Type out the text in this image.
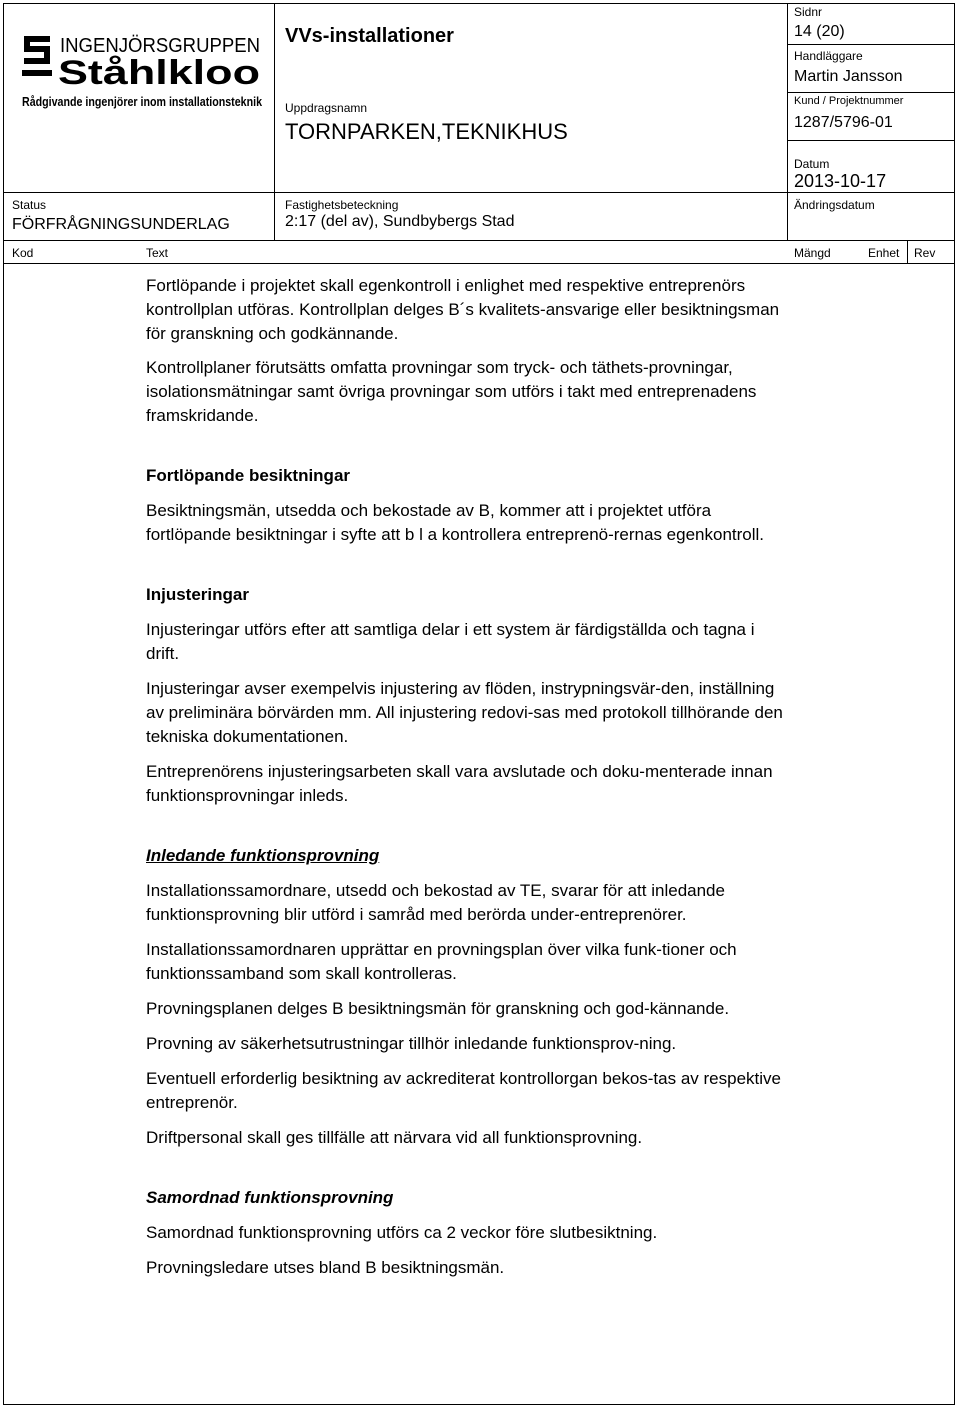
INGENJÖRSGRUPPEN
Ståhlkloo
Rådgivande ingenjörer inom installationsteknik
VVs-installationer
Uppdragsnamn
TORNPARKEN,TEKNIKHUS
Sidnr
14 (20)
Handläggare
Martin Jansson
Kund / Projektnummer
1287/5796-01
Datum
2013-10-17
Ändringsdatum
Status
FÖRFRÅGNINGSUNDERLAG
Fastighetsbeteckning
2:17 (del av), Sundbybergs Stad
Kod	Text	Mängd	Enhet Rev

Fortlöpande i projektet skall egenkontroll i enlighet med respektive entreprenörs kontrollplan utföras. Kontrollplan delges B´s kvalitets-ansvarige eller besiktningsman för granskning och godkännande.

Kontrollplaner förutsätts omfatta provningar som tryck- och täthets-provningar, isolationsmätningar samt övriga provningar som utförs i takt med entreprenadens framskridande.

Fortlöpande besiktningar

Besiktningsmän, utsedda och bekostade av B, kommer att i projektet utföra fortlöpande besiktningar i syfte att b l a kontrollera entreprenö-rernas egenkontroll.

Injusteringar

Injusteringar utförs efter att samtliga delar i ett system är färdigställda och tagna i drift.

Injusteringar avser exempelvis injustering av flöden, instrypningsvär-den, inställning av preliminära börvärden mm. All injustering redovi-sas med protokoll tillhörande den tekniska dokumentationen.

Entreprenörens injusteringsarbeten skall vara avslutade och doku-menterade innan funktionsprovningar inleds.

Inledande funktionsprovning

Installationssamordnare, utsedd och bekostad av TE, svarar för att inledande funktionsprovning blir utförd i samråd med berörda under-entreprenörer.

Installationssamordnaren upprättar en provningsplan över vilka funk-tioner och funktionssamband som skall kontrolleras.

Provningsplanen delges B besiktningsmän för granskning och god-kännande.

Provning av säkerhetsutrustningar tillhör inledande funktionsprov-ning.

Eventuell erforderlig besiktning av ackrediterat kontrollorgan bekos-tas av respektive entreprenör.

Driftpersonal skall ges tillfälle att närvara vid all funktionsprovning.

Samordnad funktionsprovning

Samordnad funktionsprovning utförs ca 2 veckor före slutbesiktning.

Provningsledare utses bland B besiktningsmän.
